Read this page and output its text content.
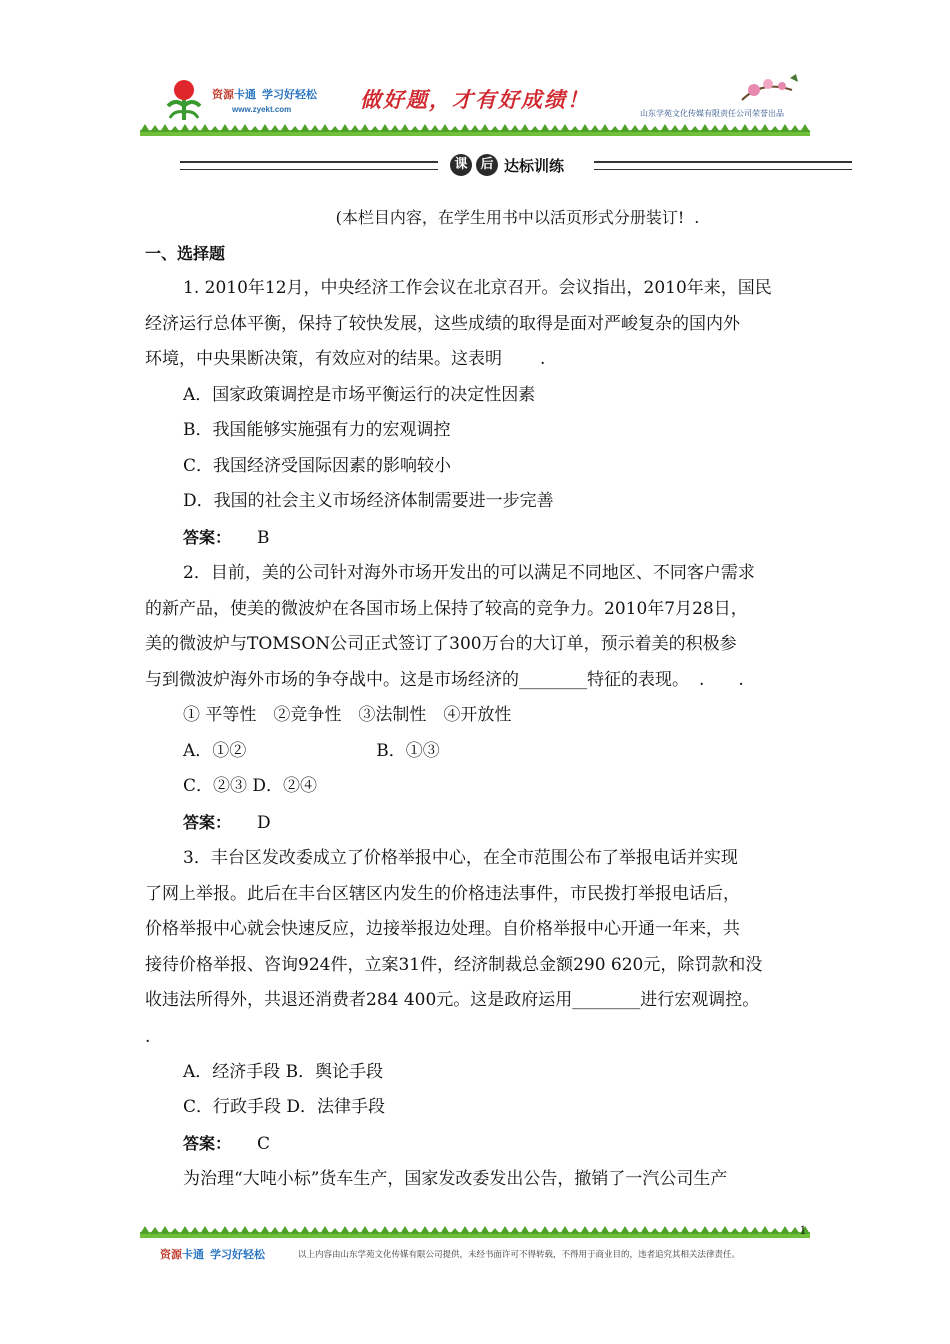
资源卡通 学习好轻松
www.zyekt.com	做好题，才有好成绩！
山东学苑文化传媒有限责任公司荣誉出品
课 后 达标训练

(本栏目内容，在学生用书中以活页形式分册装订! .

一、选择题

1. 2010年12月，中央经济工作会议在北京召开。会议指出，2010年来，国民

经济运行总体平衡，保持了较快发展，这些成绩的取得是面对严峻复杂的国内外

环境，中央果断决策，有效应对的结果。这表明 .

A．国家政策调控是市场平衡运行的决定性因素

B．我国能够实施强有力的宏观调控

C．我国经济受国际因素的影响较小

D．我国的社会主义市场经济体制需要进一步完善

答案： B

2．目前，美的公司针对海外市场开发出的可以满足不同地区、不同客户需求

的新产品，使美的微波炉在各国市场上保持了较高的竞争力。2010年7月28日，

美的微波炉与TOMSON公司正式签订了300万台的大订单，预示着美的积极参

与到微波炉海外市场的争夺战中。这是市场经济的________特征的表现。 . .

① 平等性　②竞争性　③法制性　④开放性

A．①②	B．①③

C．②③ D．②④

答案： D

3．丰台区发改委成立了价格举报中心，在全市范围公布了举报电话并实现

了网上举报。此后在丰台区辖区内发生的价格违法事件，市民拨打举报电话后，

价格举报中心就会快速反应，边接举报边处理。自价格举报中心开通一年来，共

接待价格举报、咨询924件，立案31件，经济制裁总金额290 620元，除罚款和没

收违法所得外，共退还消费者284 400元。这是政府运用________进行宏观调控。

.

A．经济手段 B．舆论手段

C．行政手段 D．法律手段

答案： C

为治理“大吨小标”货车生产，国家发改委发出公告，撤销了一汽公司生产

1
资源卡通 学习好轻松	以上内容由山东学苑文化传媒有限公司提供，未经书面许可不得转载，不得用于商业目的，违者追究其相关法律责任。
